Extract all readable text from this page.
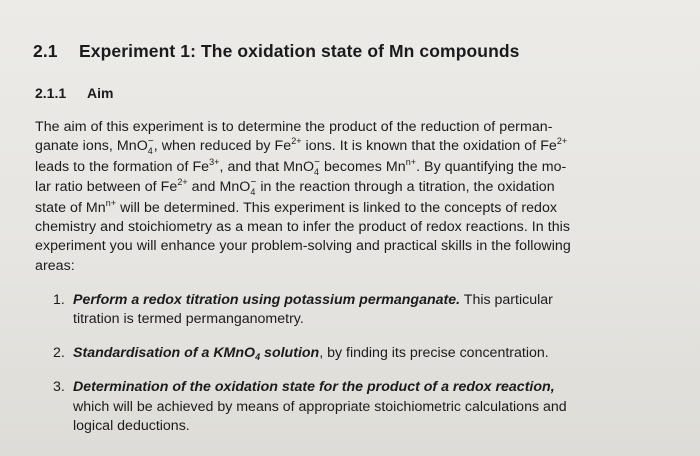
2.1 Experiment 1: The oxidation state of Mn compounds
2.1.1 Aim
The aim of this experiment is to determine the product of the reduction of perman-
ganate ions, MnO$_4$−, when reduced by $Fe^{2+}$ ions. It is known that the oxidation of $Fe^{2+}$
leads to the formation of $Fe^{3+}$, and that MnO$_4$− becomes $Mn^{n+}$. By quantifying the mo-
lar ratio between of $Fe^{2+}$ and MnO$_4$− in the reaction through a titration, the oxidation
state of $Mn^{n+}$ will be determined. This experiment is linked to the concepts of redox
chemistry and stoichiometry as a mean to infer the product of redox reactions. In this
experiment you will enhance your problem-solving and practical skills in the following
areas:
1. Perform a redox titration using potassium permanganate. This particular
titration is termed permanganometry.
2. Standardisation of a KMnO$_4$ solution, by finding its precise concentration.
3. Determination of the oxidation state for the product of a redox reaction,
which will be achieved by means of appropriate stoichiometric calculations and
logical deductions.
